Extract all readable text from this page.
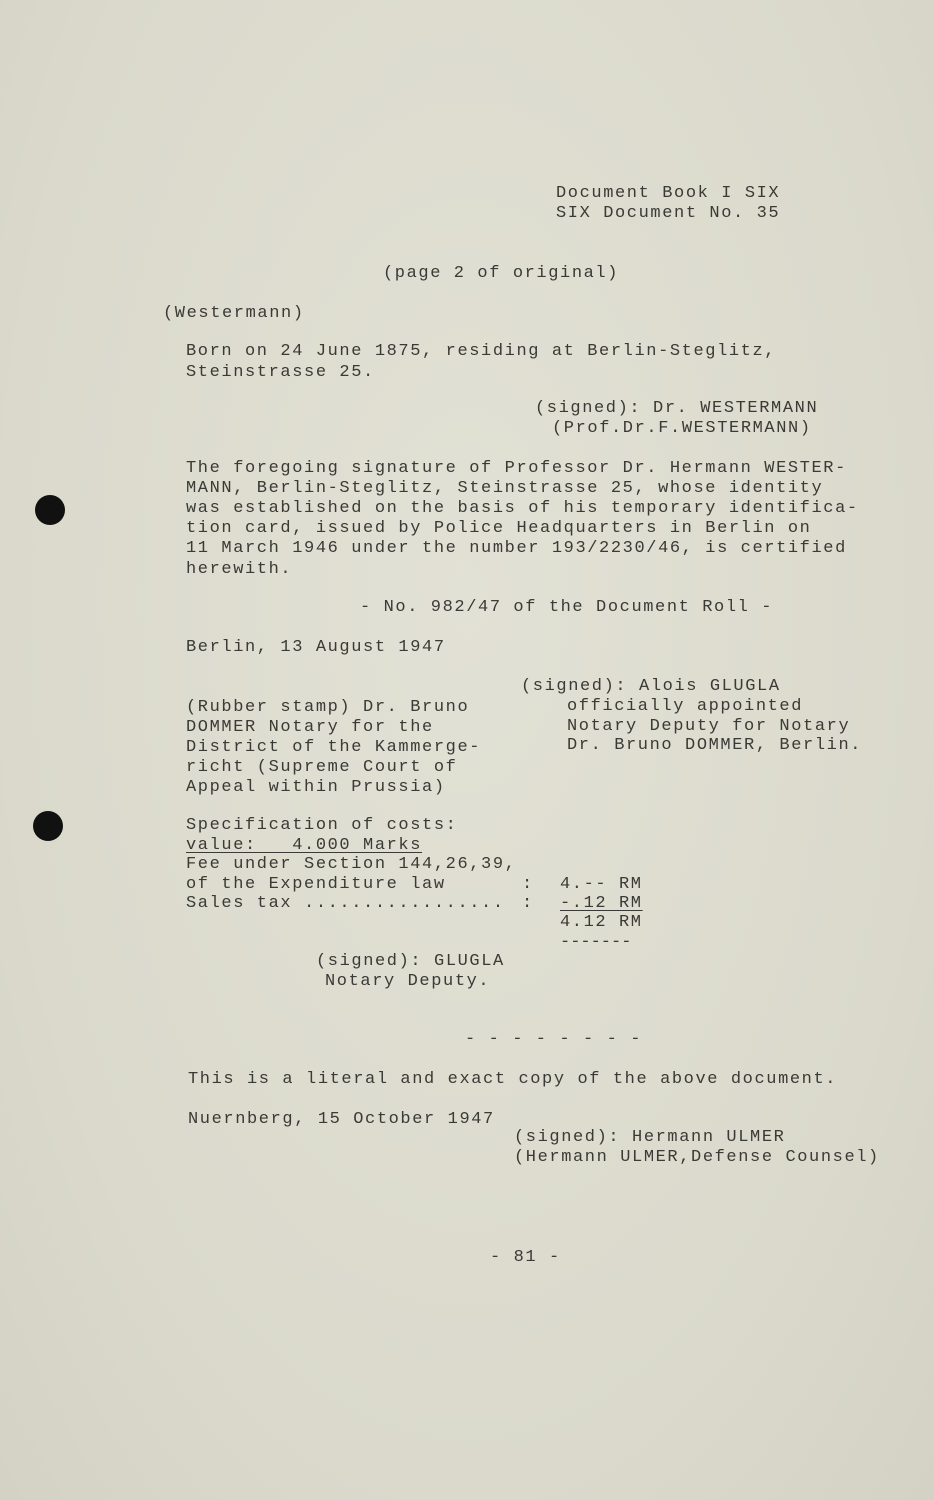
Document Book I SIX
SIX Document No. 35
(page 2 of original)
(Westermann)
Born on 24 June 1875, residing at Berlin-Steglitz,
Steinstrasse 25.
(signed): Dr. WESTERMANN
(Prof.Dr.F.WESTERMANN)
The foregoing signature of Professor Dr. Hermann WESTER-
MANN, Berlin-Steglitz, Steinstrasse 25, whose identity
was established on the basis of his temporary identifica-
tion card, issued by Police Headquarters in Berlin on
11 March 1946 under the number 193/2230/46, is certified
herewith.
- No. 982/47 of the Document Roll -
Berlin, 13 August 1947
(signed): Alois GLUGLA
officially appointed
Notary Deputy for Notary
Dr. Bruno DOMMER, Berlin.
(Rubber stamp) Dr. Bruno
DOMMER Notary for the
District of the Kammerge-
richt (Supreme Court of
Appeal within Prussia)
Specification of costs:
value:   4.000 Marks
Fee under Section 144,26,39,
of the Expenditure law	: 4.-- RM
Sales tax ................. : -.12 RM
4.12 RM
-------
(signed): GLUGLA
Notary Deputy.
- - - - - - - -
This is a literal and exact copy of the above document.
Nuernberg, 15 October 1947
(signed): Hermann ULMER
(Hermann ULMER,Defense Counsel)
- 81 -
